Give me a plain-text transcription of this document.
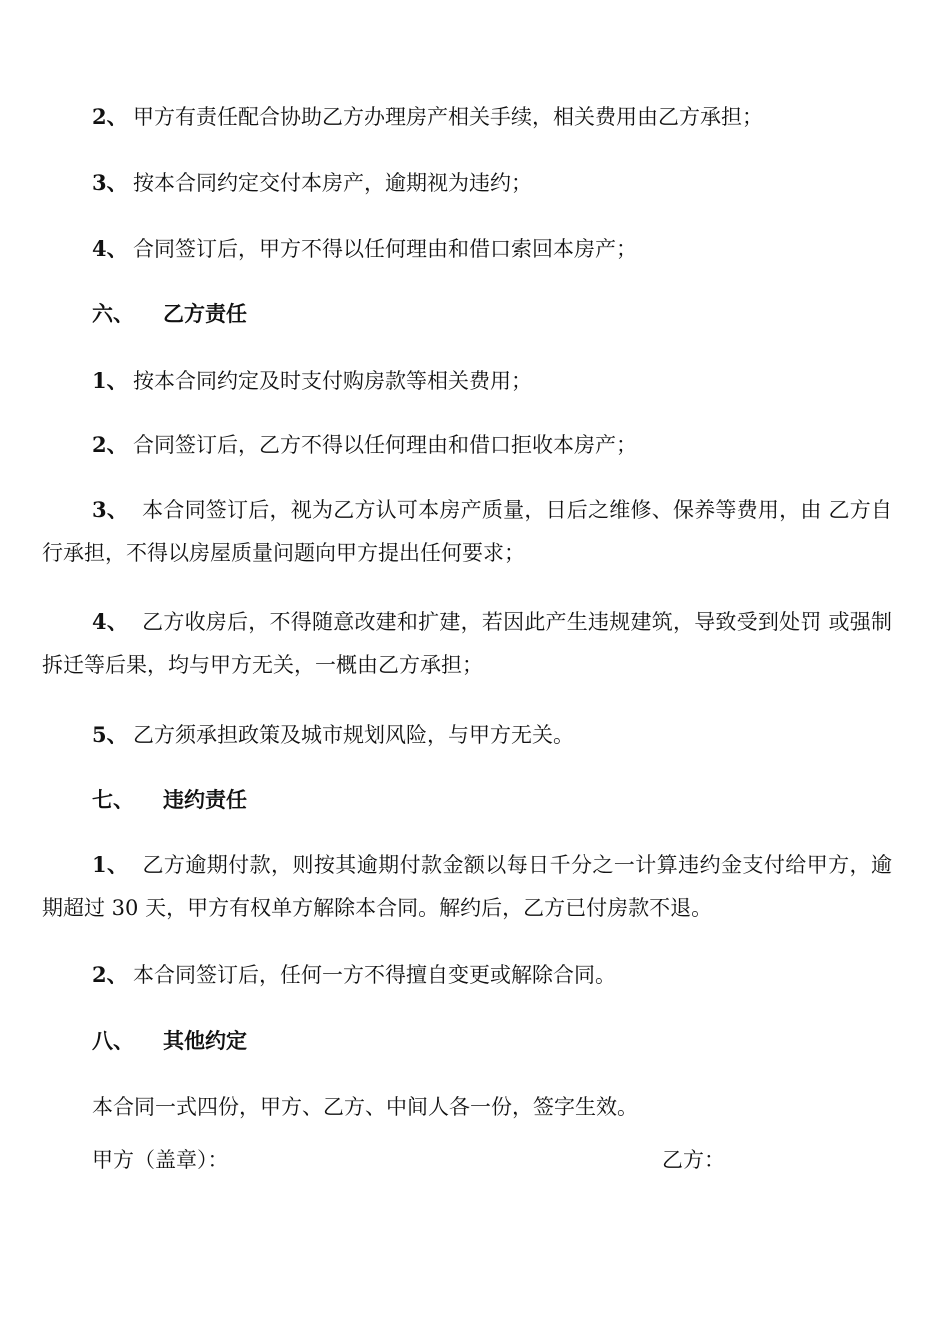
2、 甲方有责任配合协助乙方办理房产相关手续，相关费用由乙方承担；
3、 按本合同约定交付本房产，逾期视为违约；
4、 合同签订后，甲方不得以任何理由和借口索回本房产；
六、 乙方责任
1、 按本合同约定及时支付购房款等相关费用；
2、 合同签订后，乙方不得以任何理由和借口拒收本房产；
3、 本合同签订后，视为乙方认可本房产质量，日后之维修、保养等费用，由 乙方自行承担，不得以房屋质量问题向甲方提出任何要求；
4、 乙方收房后，不得随意改建和扩建，若因此产生违规建筑，导致受到处罚 或强制拆迁等后果，均与甲方无关，一概由乙方承担；
5、 乙方须承担政策及城市规划风险，与甲方无关。
七、 违约责任
1、 乙方逾期付款，则按其逾期付款金额以每日千分之一计算违约金支付给甲方，逾期超过 30 天，甲方有权单方解除本合同。解约后，乙方已付房款不退。
2、 本合同签订后，任何一方不得擅自变更或解除合同。
八、 其他约定
本合同一式四份，甲方、乙方、中间人各一份，签字生效。
甲方（盖章）：	乙方：
